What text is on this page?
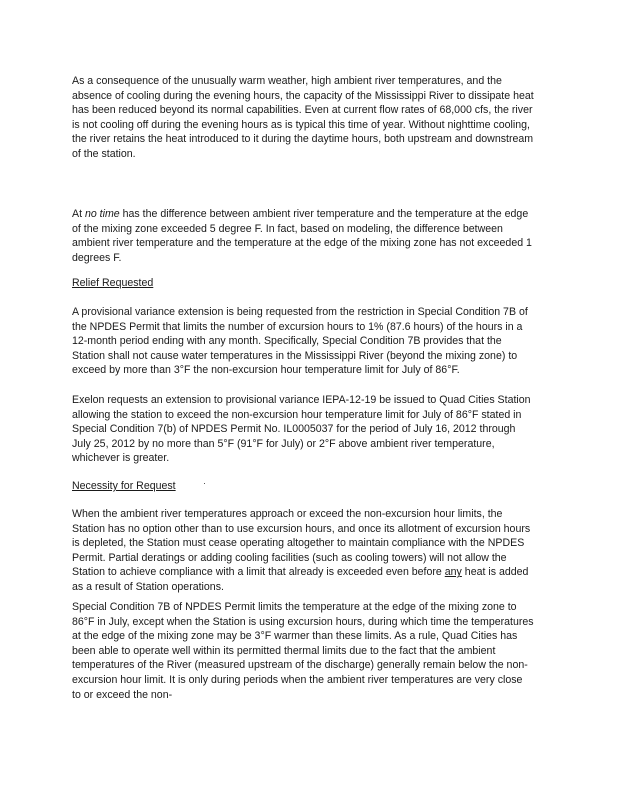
As a consequence of the unusually warm weather, high ambient river temperatures, and the absence of cooling during the evening hours, the capacity of the Mississippi River to dissipate heat has been reduced beyond its normal capabilities. Even at current flow rates of 68,000 cfs, the river is not cooling off during the evening hours as is typical this time of year. Without nighttime cooling, the river retains the heat introduced to it during the daytime hours, both upstream and downstream of the station.

At no time has the difference between ambient river temperature and the temperature at the edge of the mixing zone exceeded 5 degree F. In fact, based on modeling, the difference between ambient river temperature and the temperature at the edge of the mixing zone has not exceeded 1 degrees F.

Relief Requested

A provisional variance extension is being requested from the restriction in Special Condition 7B of the NPDES Permit that limits the number of excursion hours to 1% (87.6 hours) of the hours in a 12-month period ending with any month. Specifically, Special Condition 7B provides that the Station shall not cause water temperatures in the Mississippi River (beyond the mixing zone) to exceed by more than 3°F the non-excursion hour temperature limit for July of 86°F.

Exelon requests an extension to provisional variance IEPA-12-19 be issued to Quad Cities Station allowing the station to exceed the non-excursion hour temperature limit for July of 86°F stated in Special Condition 7(b) of NPDES Permit No. IL0005037 for the period of July 16, 2012 through July 25, 2012 by no more than 5°F (91°F for July) or 2°F above ambient river temperature, whichever is greater.

Necessity for Request

When the ambient river temperatures approach or exceed the non-excursion hour limits, the Station has no option other than to use excursion hours, and once its allotment of excursion hours is depleted, the Station must cease operating altogether to maintain compliance with the NPDES Permit. Partial deratings or adding cooling facilities (such as cooling towers) will not allow the Station to achieve compliance with a limit that already is exceeded even before any heat is added as a result of Station operations.

Special Condition 7B of NPDES Permit limits the temperature at the edge of the mixing zone to 86°F in July, except when the Station is using excursion hours, during which time the temperatures at the edge of the mixing zone may be 3°F warmer than these limits. As a rule, Quad Cities has been able to operate well within its permitted thermal limits due to the fact that the ambient temperatures of the River (measured upstream of the discharge) generally remain below the non-excursion hour limit. It is only during periods when the ambient river temperatures are very close to or exceed the non-
